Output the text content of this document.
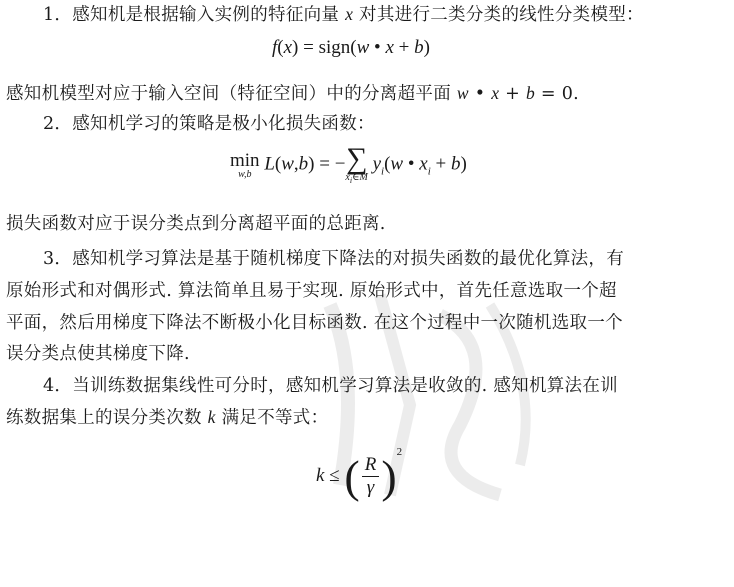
1．感知机是根据输入实例的特征向量 x 对其进行二类分类的线性分类模型：
f(x) = sign(w • x + b)
感知机模型对应于输入空间（特征空间）中的分离超平面 w • x + b = 0.
2．感知机学习的策略是极小化损失函数：
min
w,b L(w,b) = − ∑
$x_i\in M$
$y_i(w$ • $x_i + b$)
损失函数对应于误分类点到分离超平面的总距离.
3．感知机学习算法是基于随机梯度下降法的对损失函数的最优化算法，有
原始形式和对偶形式. 算法简单且易于实现. 原始形式中，首先任意选取一个超
平面，然后用梯度下降法不断极小化目标函数. 在这个过程中一次随机选取一个
误分类点使其梯度下降.
4．当训练数据集线性可分时，感知机学习算法是收敛的. 感知机算法在训
练数据集上的误分类次数 k 满足不等式：
k ≤ ( $\frac{R}{\gamma} )^2$
